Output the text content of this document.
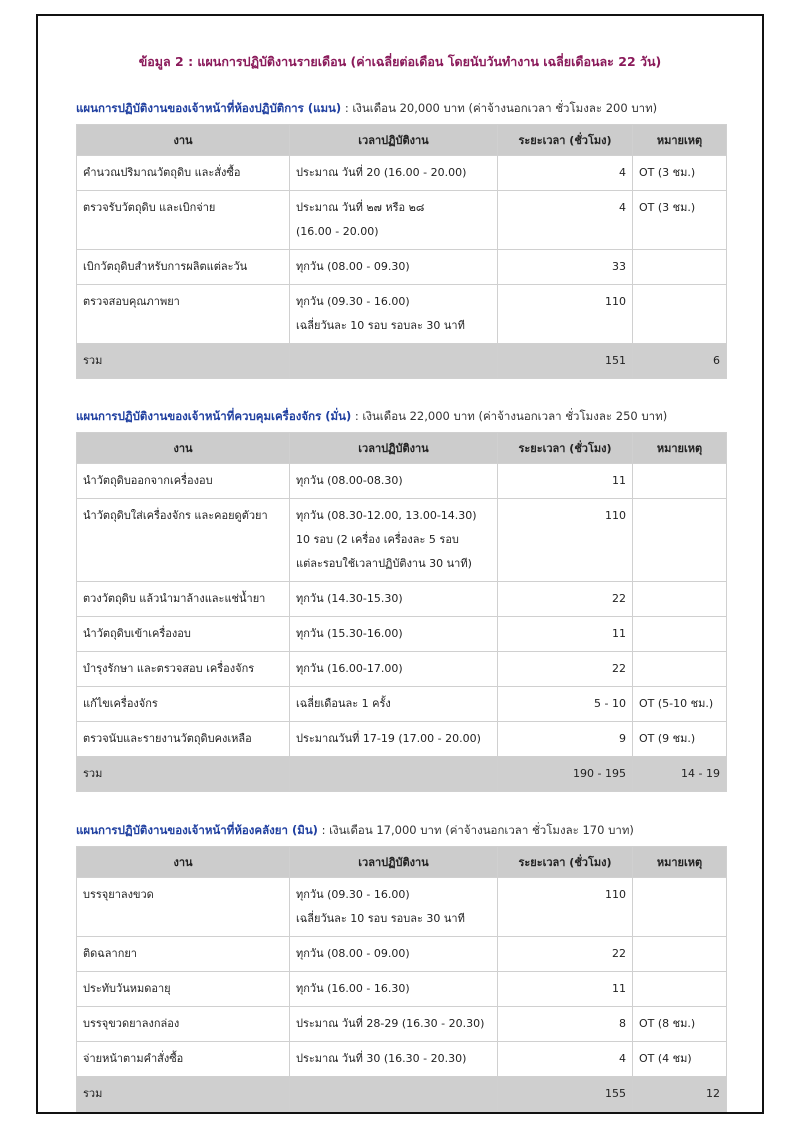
ข้อมูล 2 : แผนการปฏิบัติงานรายเดือน (ค่าเฉลี่ยต่อเดือน โดยนับวันทำงาน เฉลี่ยเดือนละ 22 วัน)
แผนการปฏิบัติงานของเจ้าหน้าที่ห้องปฏิบัติการ (แมน) : เงินเดือน 20,000 บาท (ค่าจ้างนอกเวลา ชั่วโมงละ 200 บาท)
งาน	เวลาปฏิบัติงาน	ระยะเวลา (ชั่วโมง)	หมายเหตุ
คำนวณปริมาณวัตถุดิบ และสั่งซื้อ	ประมาณ วันที่ 20 (16.00 - 20.00)	4	OT (3 ชม.)
ตรวจรับวัตถุดิบ และเบิกจ่าย	ประมาณ วันที่ ๒๗ หรือ ๒๘
(16.00 - 20.00)	4	OT (3 ชม.)
เบิกวัตถุดิบสำหรับการผลิตแต่ละวัน	ทุกวัน (08.00 - 09.30)	33	
ตรวจสอบคุณภาพยา	ทุกวัน (09.30 - 16.00)
เฉลี่ยวันละ 10 รอบ รอบละ 30 นาที	110	
รวม		151	6
แผนการปฏิบัติงานของเจ้าหน้าที่ควบคุมเครื่องจักร (มั่น) : เงินเดือน 22,000 บาท (ค่าจ้างนอกเวลา ชั่วโมงละ 250 บาท)
งาน	เวลาปฏิบัติงาน	ระยะเวลา (ชั่วโมง)	หมายเหตุ
นำวัตถุดิบออกจากเครื่องอบ	ทุกวัน (08.00-08.30)	11	
นำวัตถุดิบใส่เครื่องจักร และคอยดูตัวยา	ทุกวัน (08.30-12.00, 13.00-14.30)
10 รอบ (2 เครื่อง เครื่องละ 5 รอบ
แต่ละรอบใช้เวลาปฏิบัติงาน 30 นาที)	110	
ตวงวัตถุดิบ แล้วนำมาล้างและแช่น้ำยา	ทุกวัน (14.30-15.30)	22	
นำวัตถุดิบเข้าเครื่องอบ	ทุกวัน (15.30-16.00)	11	
บำรุงรักษา และตรวจสอบ เครื่องจักร	ทุกวัน (16.00-17.00)	22	
แก้ไขเครื่องจักร	เฉลี่ยเดือนละ 1 ครั้ง	5 - 10	OT (5-10 ชม.)
ตรวจนับและรายงานวัตถุดิบคงเหลือ	ประมาณวันที่ 17-19 (17.00 - 20.00)	9	OT (9 ชม.)
รวม		190 - 195	14 - 19
แผนการปฏิบัติงานของเจ้าหน้าที่ห้องคลังยา (มิน) : เงินเดือน 17,000 บาท (ค่าจ้างนอกเวลา ชั่วโมงละ 170 บาท)
งาน	เวลาปฏิบัติงาน	ระยะเวลา (ชั่วโมง)	หมายเหตุ
บรรจุยาลงขวด	ทุกวัน (09.30 - 16.00)
เฉลี่ยวันละ 10 รอบ รอบละ 30 นาที	110	
ติดฉลากยา	ทุกวัน (08.00 - 09.00)	22	
ประทับวันหมดอายุ	ทุกวัน (16.00 - 16.30)	11	
บรรจุขวดยาลงกล่อง	ประมาณ วันที่ 28-29 (16.30 - 20.30)	8	OT (8 ชม.)
จ่ายหน้าตามคำสั่งซื้อ	ประมาณ วันที่ 30 (16.30 - 20.30)	4	OT (4 ชม)
รวม		155	12
